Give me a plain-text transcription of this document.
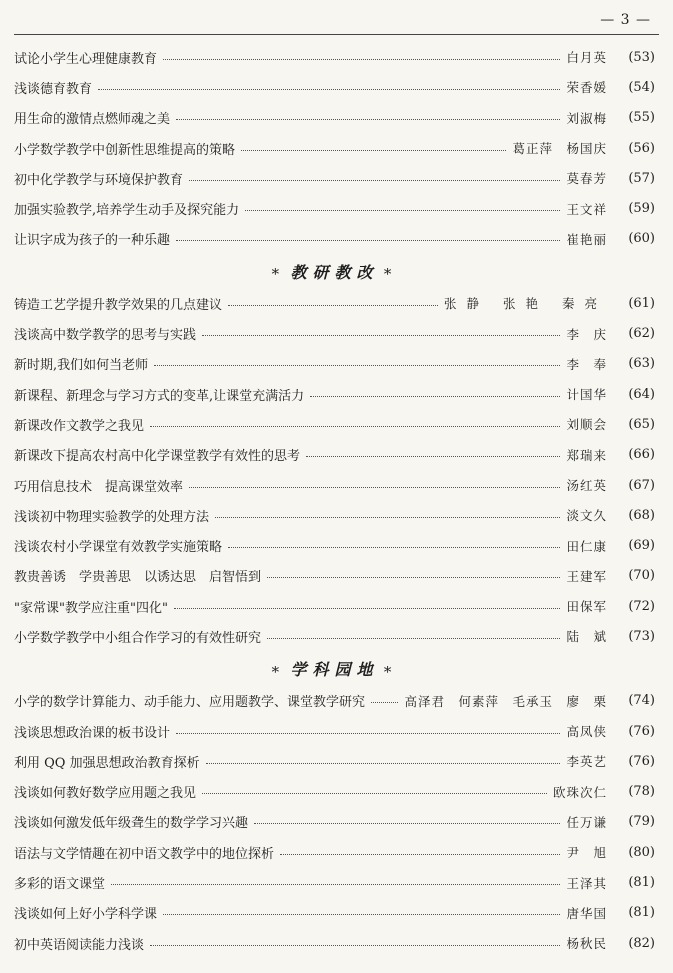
— 3 —
试论小学生心理健康教育	白月英	(53)
浅谈德育教育	荣香媛	(54)
用生命的激情点燃师魂之美	刘淑梅	(55)
小学数学教学中创新性思维提高的策略	葛正萍　杨国庆	(56)
初中化学教学与环境保护教育	莫春芳	(57)
加强实验教学,培养学生动手及探究能力	王文祥	(59)
让识字成为孩子的一种乐趣	崔艳丽	(60)
∗ 教研教改 ∗
铸造工艺学提升教学效果的几点建议	张静 张艳 秦亮	(61)
浅谈高中数学教学的思考与实践	李　庆	(62)
新时期,我们如何当老师	李　奉	(63)
新课程、新理念与学习方式的变革,让课堂充满活力	计国华	(64)
新课改作文教学之我见	刘顺会	(65)
新课改下提高农村高中化学课堂教学有效性的思考	郑瑞来	(66)
巧用信息技术　提高课堂效率	汤红英	(67)
浅谈初中物理实验教学的处理方法	淡文久	(68)
浅谈农村小学课堂有效教学实施策略	田仁康	(69)
教贵善诱　学贵善思　以诱达思　启智悟到	王建军	(70)
"家常课"教学应注重"四化"	田保军	(72)
小学数学教学中小组合作学习的有效性研究	陆　斌	(73)
∗ 学科园地 ∗
小学的数学计算能力、动手能力、应用题教学、课堂教学研究	高泽君　何素萍　毛承玉　廖　栗	(74)
浅谈思想政治课的板书设计	高凤侠	(76)
利用 QQ 加强思想政治教育探析	李英艺	(76)
浅谈如何教好数学应用题之我见	欧珠次仁	(78)
浅谈如何激发低年级聋生的数学学习兴趣	任万谦	(79)
语法与文学情趣在初中语文教学中的地位探析	尹　旭	(80)
多彩的语文课堂	王泽其	(81)
浅谈如何上好小学科学课	唐华国	(81)
初中英语阅读能力浅谈	杨秋民	(82)
